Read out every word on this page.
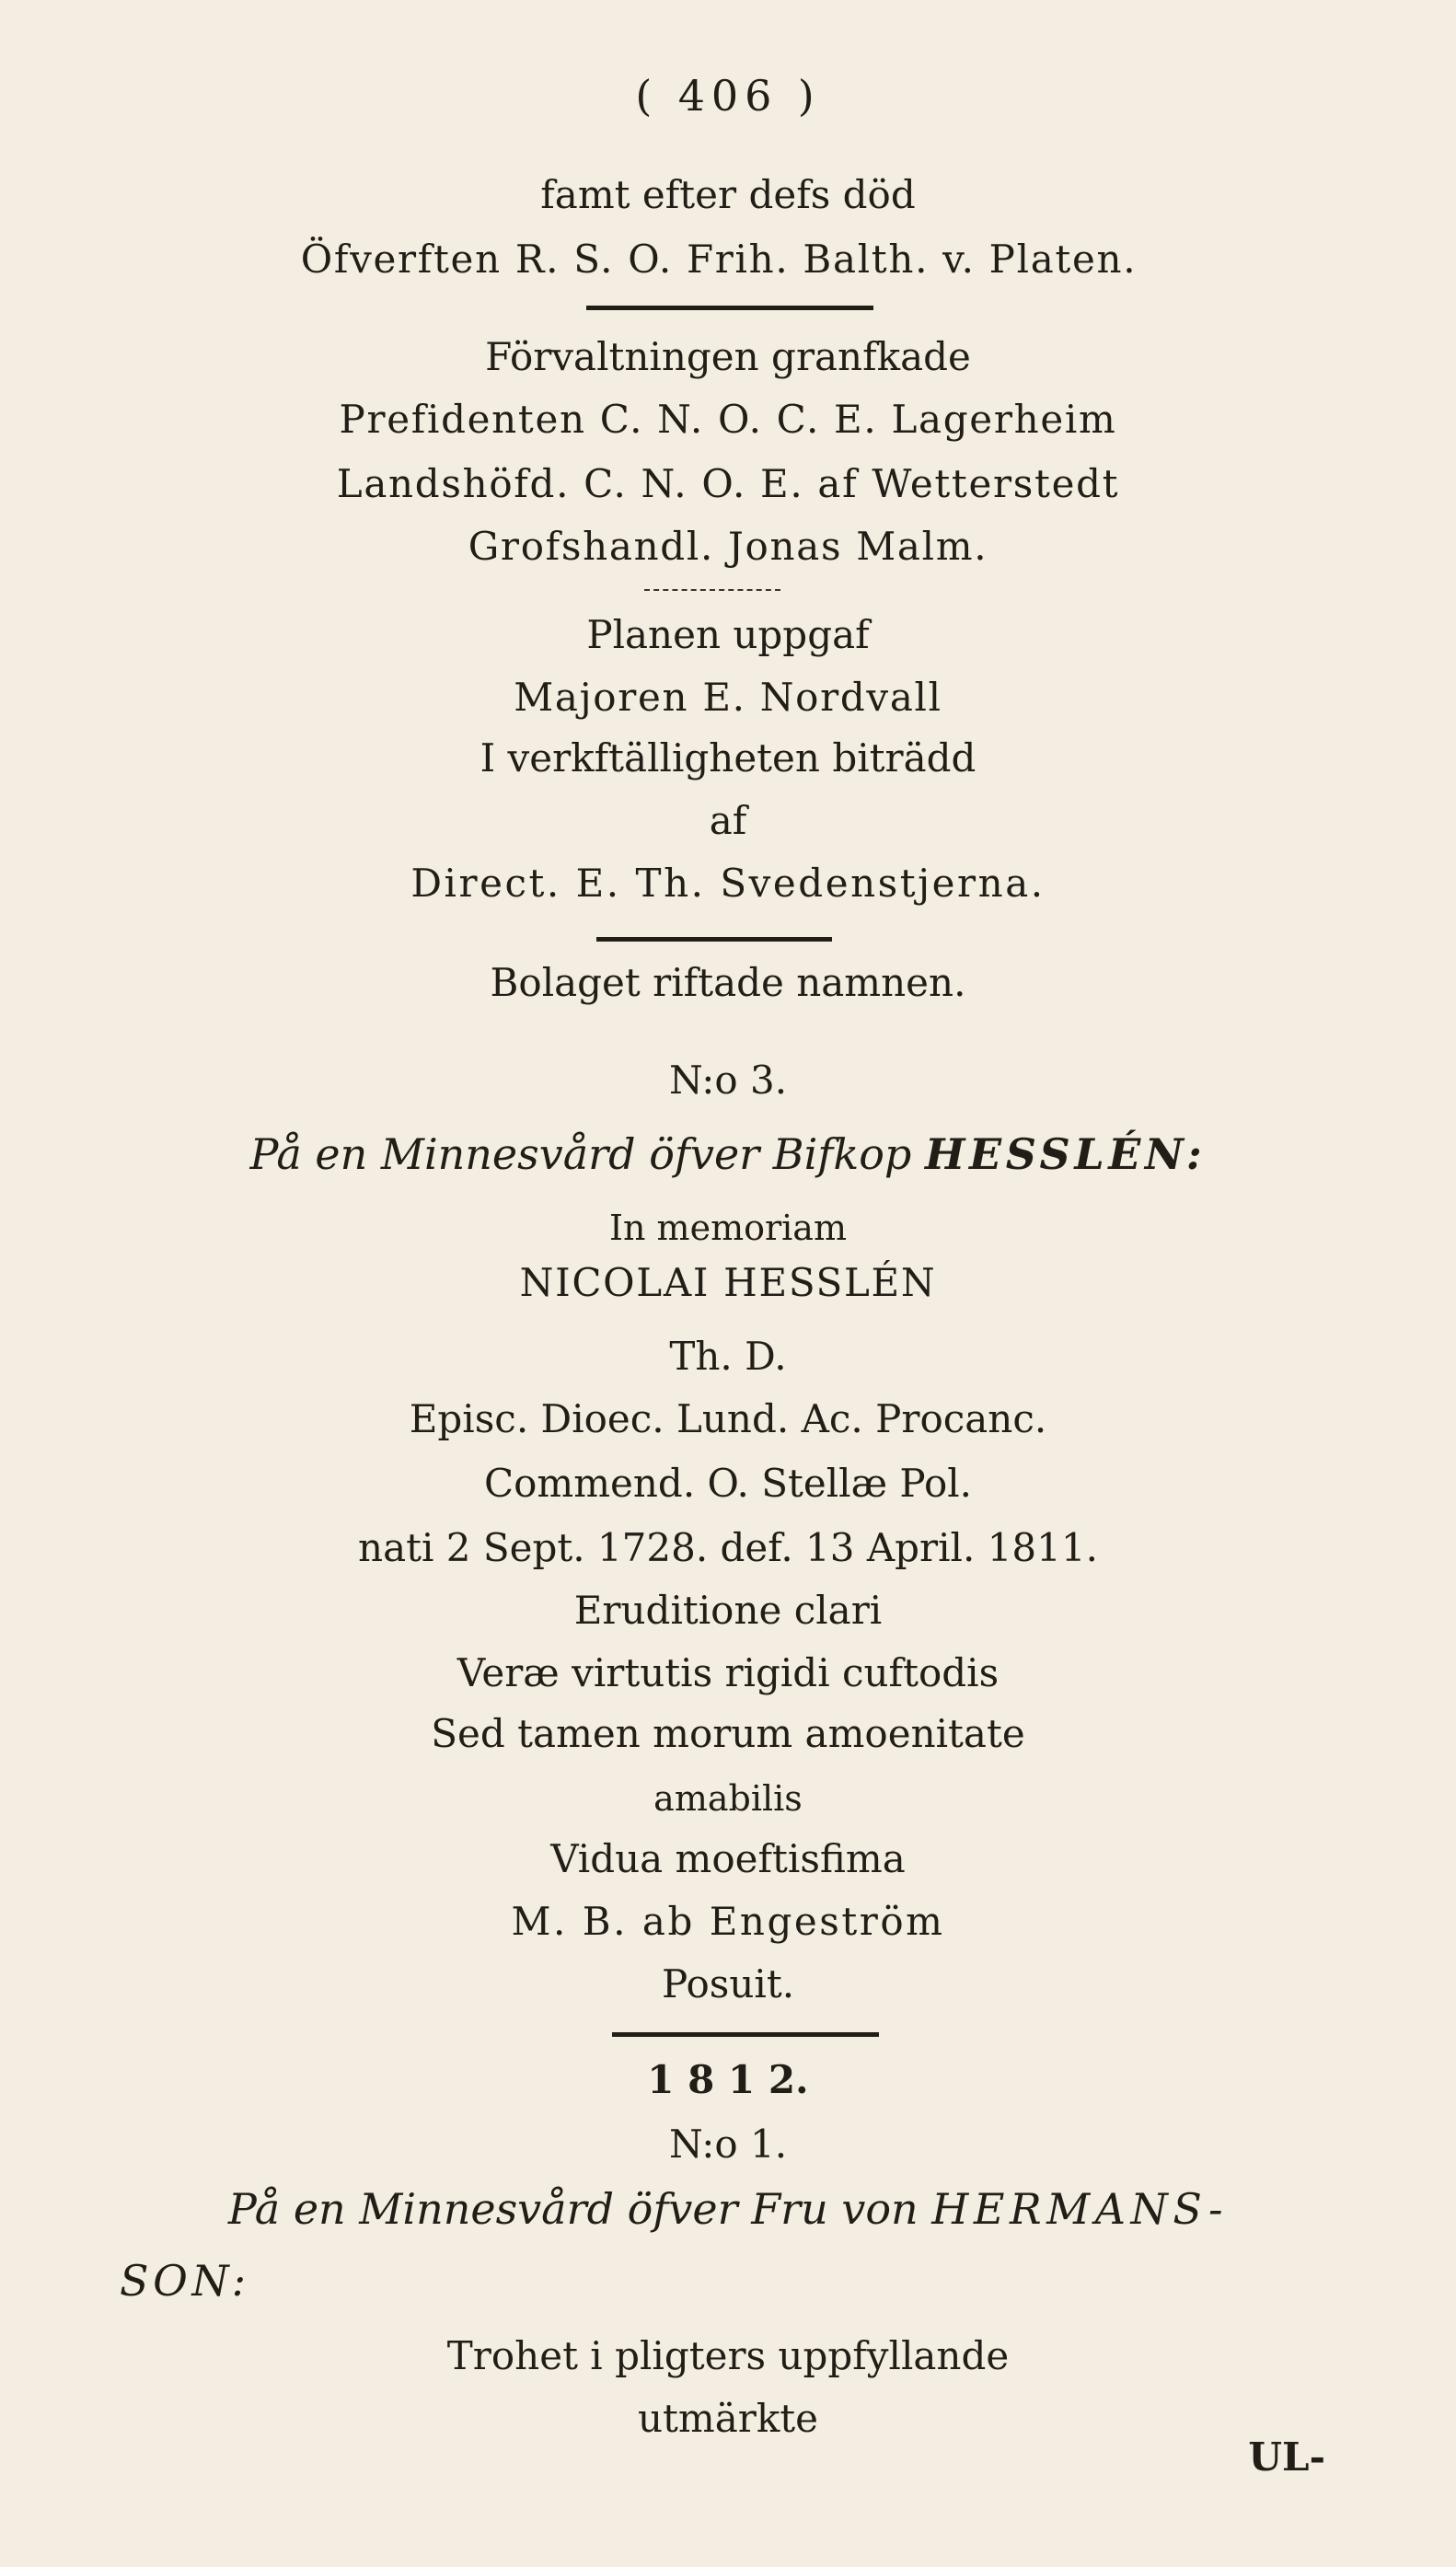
( 406 )
famt efter defs död
Öfverften R. S. O. Frih. Balth. v. Platen.
Förvaltningen granfkade
Prefidenten C. N. O. C. E. Lagerheim
Landshöfd. C. N. O. E. af Wetterstedt
Grofshandl. Jonas Malm.
Planen uppgaf
Majoren E. Nordvall
I verkftälligheten biträdd
af
Direct. E. Th. Svedenstjerna.
Bolaget riftade namnen.
N:o 3.
På en Minnesvård öfver Bifkop HESSLÉN:
In memoriam
NICOLAI HESSLÉN
Th. D.
Episc. Dioec. Lund. Ac. Procanc.
Commend. O. Stellæ Pol.
nati 2 Sept. 1728. def. 13 April. 1811.
Eruditione clari
Veræ virtutis rigidi cuftodis
Sed tamen morum amoenitate
amabilis
Vidua moeftisfima
M. B. ab Engeström
Posuit.
1 8 1 2.
N:o 1.
På en Minnesvård öfver Fru von HERMANS-
SON:
Trohet i pligters uppfyllande
utmärkte
UL-
